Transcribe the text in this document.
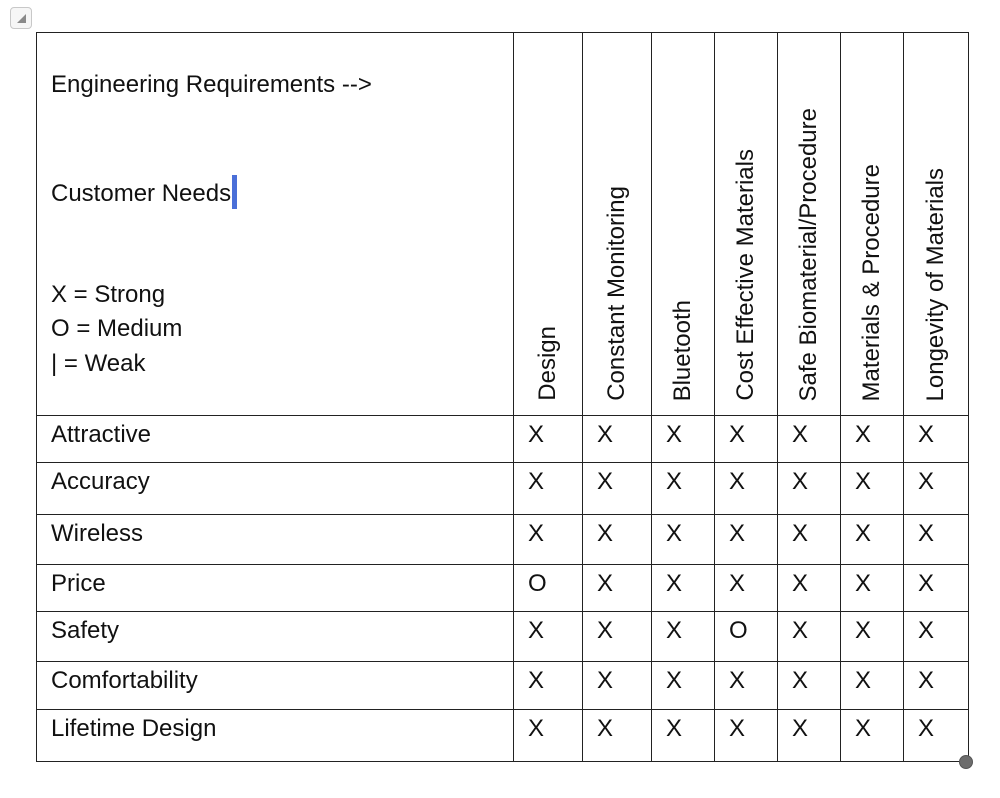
Engineering Requirements -->
Customer Needs
X = Strong
O = Medium
| = Weak	Design	Constant Monitoring	Bluetooth	Cost Effective Materials	Safe Biomaterial/Procedure	Materials & Procedure	Longevity of Materials

Attractive	X	X	X	X	X	X	X
Accuracy	X	X	X	X	X	X	X
Wireless	X	X	X	X	X	X	X
Price	O	X	X	X	X	X	X
Safety	X	X	X	O	X	X	X
Comfortability	X	X	X	X	X	X	X
Lifetime Design	X	X	X	X	X	X	X
